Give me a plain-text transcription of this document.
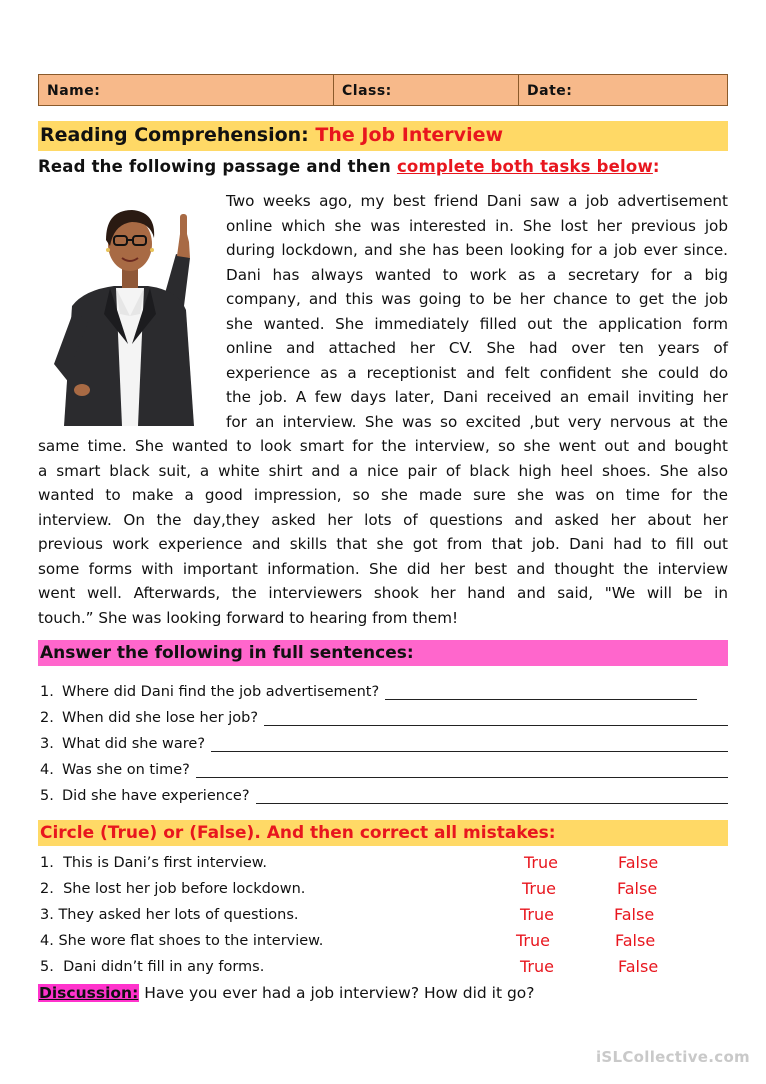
Name:	Class:	Date:
Reading Comprehension: The Job Interview
Read the following passage and then complete both tasks below:
Two weeks ago, my best friend Dani saw a job advertisement
online which she was interested in. She lost her previous job
during lockdown, and she has been looking for a job ever since.
Dani has always wanted to work as a secretary for a big
company, and this was going to be her chance to get the job
she wanted. She immediately filled out the application form
online and attached her CV. She had over ten years of
experience as a receptionist and felt confident she could do
the job. A few days later, Dani received an email inviting her
for an interview. She was so excited ,but very nervous at the
same time. She wanted to look smart for the interview, so she went out and bought
a smart black suit, a white shirt and a nice pair of black high heel shoes. She also
wanted to make a good impression, so she made sure she was on time for the
interview. On the day,they asked her lots of questions and asked her about her
previous work experience and skills that she got from that job. Dani had to fill out
some forms with important information. She did her best and thought the interview
went well. Afterwards, the interviewers shook her hand and said, "We will be in
touch.” She was looking forward to hearing from them!
Answer the following in full sentences:
1. Where did Dani find the job advertisement?
2. When did she lose her job?
3. What did she ware?
4. Was she on time?
5. Did she have experience?
Circle (True) or (False). And then correct all mistakes:
1. This is Dani’s first interview.	True	False
2. She lost her job before lockdown.	True	False
3. They asked her lots of questions.	True	False
4. She wore flat shoes to the interview.	True	False
5. Dani didn’t fill in any forms.	True	False
Discussion: Have you ever had a job interview? How did it go?
iSLCollective.com
